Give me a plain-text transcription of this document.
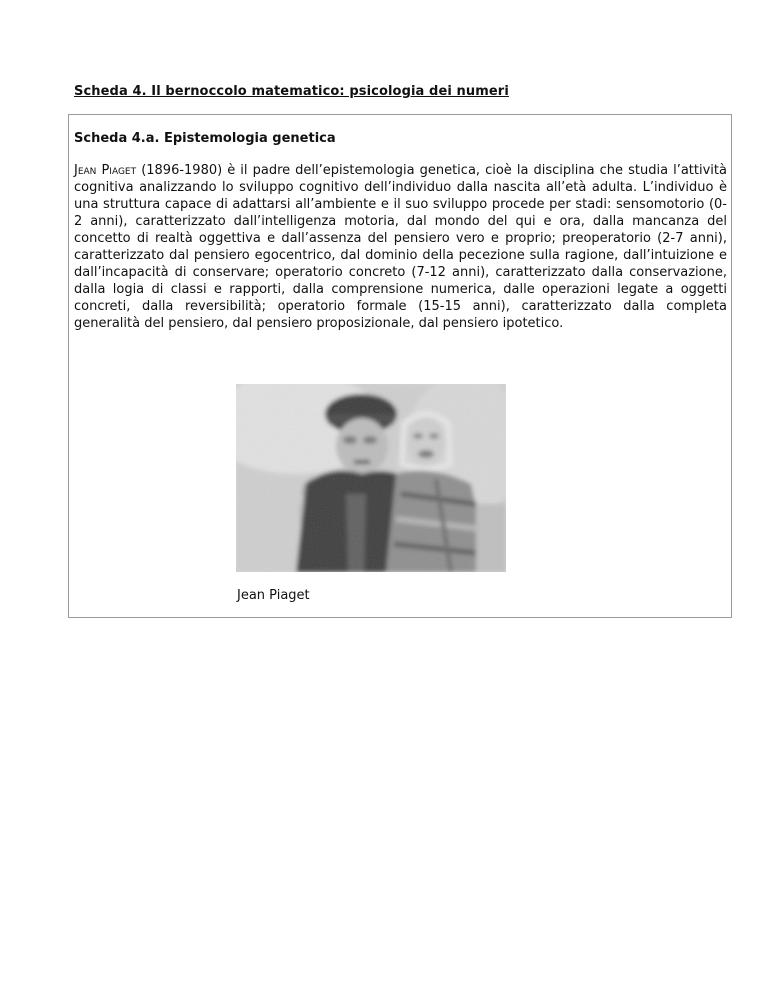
Scheda 4. Il bernoccolo matematico: psicologia dei numeri
Scheda 4.a. Epistemologia genetica

Jean Piaget (1896-1980) è il padre dell’epistemologia genetica, cioè la disciplina che studia l’attività cognitiva analizzando lo sviluppo cognitivo dell’individuo dalla nascita all’età adulta. L’individuo è una struttura capace di adattarsi all’ambiente e il suo sviluppo procede per stadi: sensomotorio (0-2 anni), caratterizzato dall’intelligenza motoria, dal mondo del qui e ora, dalla mancanza del concetto di realtà oggettiva e dall’assenza del pensiero vero e proprio; preoperatorio (2-7 anni), caratterizzato dal pensiero egocentrico, dal dominio della pecezione sulla ragione, dall’intuizione e dall’incapacità di conservare; operatorio concreto (7-12 anni), caratterizzato dalla conservazione, dalla logia di classi e rapporti, dalla comprensione numerica, dalle operazioni legate a oggetti concreti, dalla reversibilità; operatorio formale (15-15 anni), caratterizzato dalla completa generalità del pensiero, dal pensiero proposizionale, dal pensiero ipotetico.

Jean Piaget
